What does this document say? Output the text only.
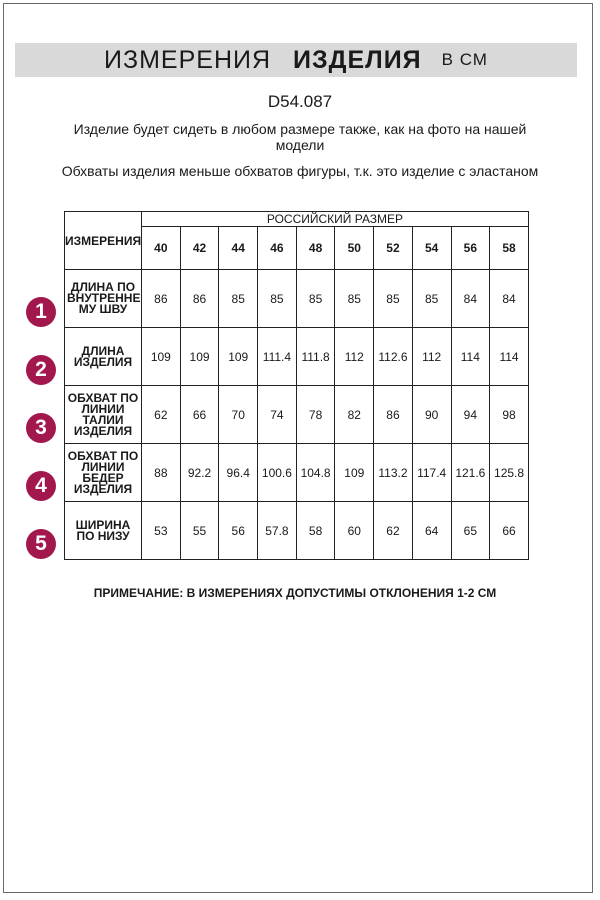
ИЗМЕРЕНИЯ ИЗДЕЛИЯ В СМ
D54.087
Изделие будет сидеть в любом размере также, как на фото на нашей модели
Обхваты изделия меньше обхватов фигуры, т.к. это изделие с эластаном
ИЗМЕРЕНИЯ	РОССИЙСКИЙ РАЗМЕР									
	40	42	44	46	48	50	52	54	56	58
ДЛИНА ПО ВНУТРЕННЕ МУ ШВУ	86	86	85	85	85	85	85	85	84	84
ДЛИНА ИЗДЕЛИЯ	109	109	109	111.4	111.8	112	112.6	112	114	114
ОБХВАТ ПО ЛИНИИ ТАЛИИ ИЗДЕЛИЯ	62	66	70	74	78	82	86	90	94	98
ОБХВАТ ПО ЛИНИИ БЕДЕР ИЗДЕЛИЯ	88	92.2	96.4	100.6	104.8	109	113.2	117.4	121.6	125.8
ШИРИНА ПО НИЗУ	53	55	56	57.8	58	60	62	64	65	66
1
2
3
4
5
ПРИМЕЧАНИЕ: В ИЗМЕРЕНИЯХ ДОПУСТИМЫ ОТКЛОНЕНИЯ 1-2 СМ
